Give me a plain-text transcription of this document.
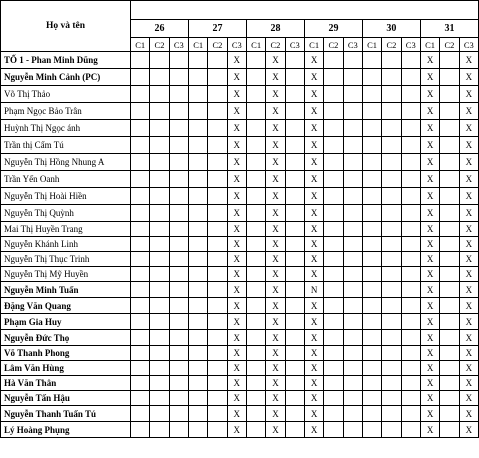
Họ và tên																		
	26			27			28			29			30			31		
	C1	C2	C3	C1	C2	C3	C1	C2	C3	C1	C2	C3	C1	C2	C3	C1	C2	C3
TỐ 1 - Phan Minh Dũng						X		X		X						X		X
Nguyễn Minh Cảnh (PC)						X		X		X						X		X
Võ Thị Thảo						X		X		X						X		X
Phạm Ngọc Bảo Trân						X		X		X						X		X
Huỳnh Thị Ngọc ánh						X		X		X						X		X
Trần thị Cẩm Tú						X		X		X						X		X
Nguyễn Thị Hồng Nhung A						X		X		X						X		X
Trần Yến Oanh						X		X		X						X		X
Nguyễn Thị Hoài Hiền						X		X		X						X		X
Nguyễn Thị Quỳnh						X		X		X						X		X
Mai Thị Huyền Trang						X		X		X						X		X
Nguyễn Khánh Linh						X		X		X						X		X
Nguyễn Thị Thục Trinh						X		X		X						X		X
Nguyễn Thị Mỹ Huyền						X		X		X						X		X
Nguyễn Minh Tuấn						X		X		N						X		X
Đặng Văn Quang						X		X		X						X		X
Phạm Gia Huy						X		X		X						X		X
Nguyễn Đức Thọ						X		X		X						X		X
Võ Thanh Phong						X		X		X						X		X
Lâm Văn Hùng						X		X		X						X		X
Hà Văn Thân						X		X		X						X		X
Nguyễn Tấn Hậu						X		X		X						X		X
Nguyễn Thanh Tuấn Tú						X		X		X						X		X
Lý Hoàng Phụng						X		X		X						X		X
